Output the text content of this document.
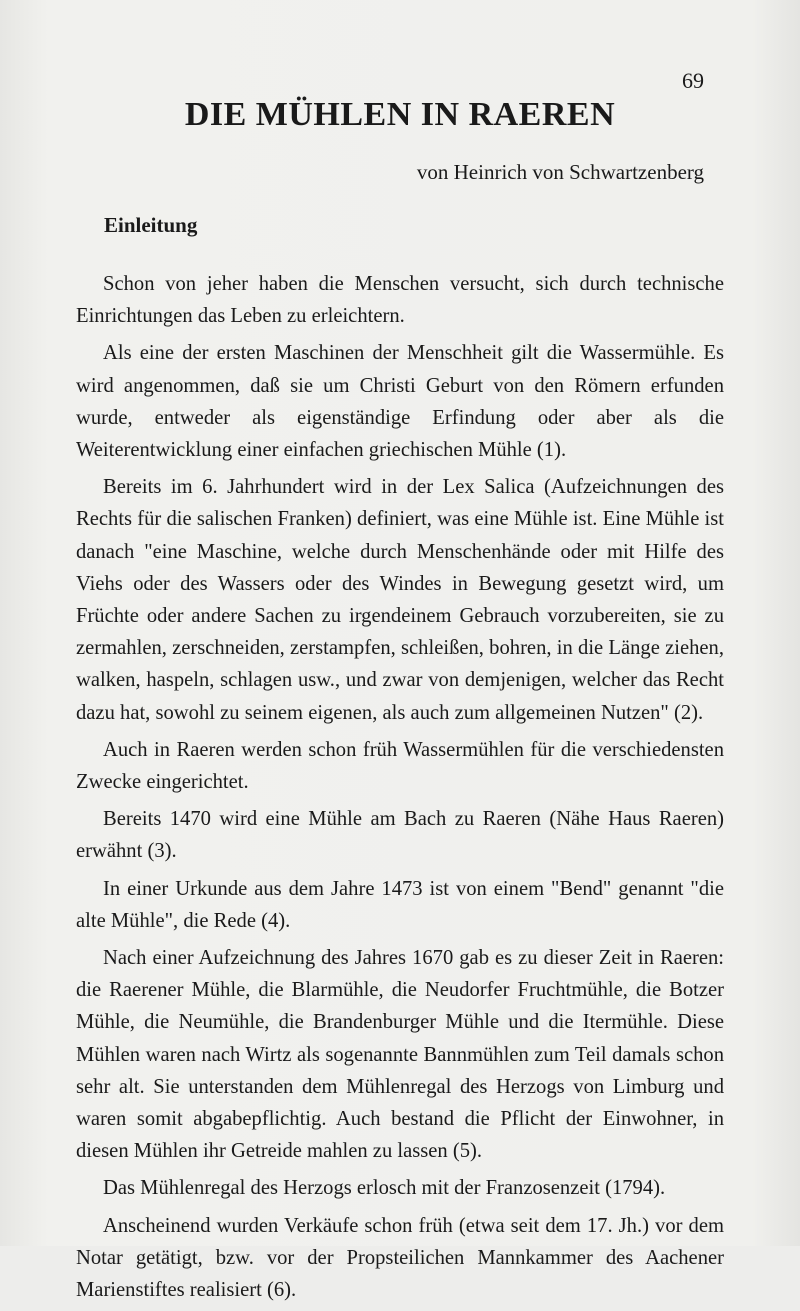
69
DIE MÜHLEN IN RAEREN
von Heinrich von Schwartzenberg
Einleitung

Schon von jeher haben die Menschen versucht, sich durch technische Einrichtungen das Leben zu erleichtern.

Als eine der ersten Maschinen der Menschheit gilt die Wassermühle. Es wird angenommen, daß sie um Christi Geburt von den Römern erfunden wurde, entweder als eigenständige Erfindung oder aber als die Weiterentwicklung einer einfachen griechischen Mühle (1).

Bereits im 6. Jahrhundert wird in der Lex Salica (Aufzeichnungen des Rechts für die salischen Franken) definiert, was eine Mühle ist. Eine Mühle ist danach "eine Maschine, welche durch Menschenhände oder mit Hilfe des Viehs oder des Wassers oder des Windes in Bewegung gesetzt wird, um Früchte oder andere Sachen zu irgendeinem Gebrauch vorzubereiten, sie zu zermahlen, zerschneiden, zerstampfen, schleißen, bohren, in die Länge ziehen, walken, haspeln, schlagen usw., und zwar von demjenigen, welcher das Recht dazu hat, sowohl zu seinem eigenen, als auch zum allgemeinen Nutzen" (2).

Auch in Raeren werden schon früh Wassermühlen für die verschiedensten Zwecke eingerichtet.

Bereits 1470 wird eine Mühle am Bach zu Raeren (Nähe Haus Raeren) erwähnt (3).

In einer Urkunde aus dem Jahre 1473 ist von einem "Bend" genannt "die alte Mühle", die Rede (4).

Nach einer Aufzeichnung des Jahres 1670 gab es zu dieser Zeit in Raeren: die Raerener Mühle, die Blarmühle, die Neudorfer Fruchtmühle, die Botzer Mühle, die Neumühle, die Brandenburger Mühle und die Itermühle. Diese Mühlen waren nach Wirtz als sogenannte Bannmühlen zum Teil damals schon sehr alt. Sie unterstanden dem Mühlenregal des Herzogs von Limburg und waren somit abgabepflichtig. Auch bestand die Pflicht der Einwohner, in diesen Mühlen ihr Getreide mahlen zu lassen (5).

Das Mühlenregal des Herzogs erlosch mit der Franzosenzeit (1794).

Anscheinend wurden Verkäufe schon früh (etwa seit dem 17. Jh.) vor dem Notar getätigt, bzw. vor der Propsteilichen Mannkammer des Aachener Marienstiftes realisiert (6).
